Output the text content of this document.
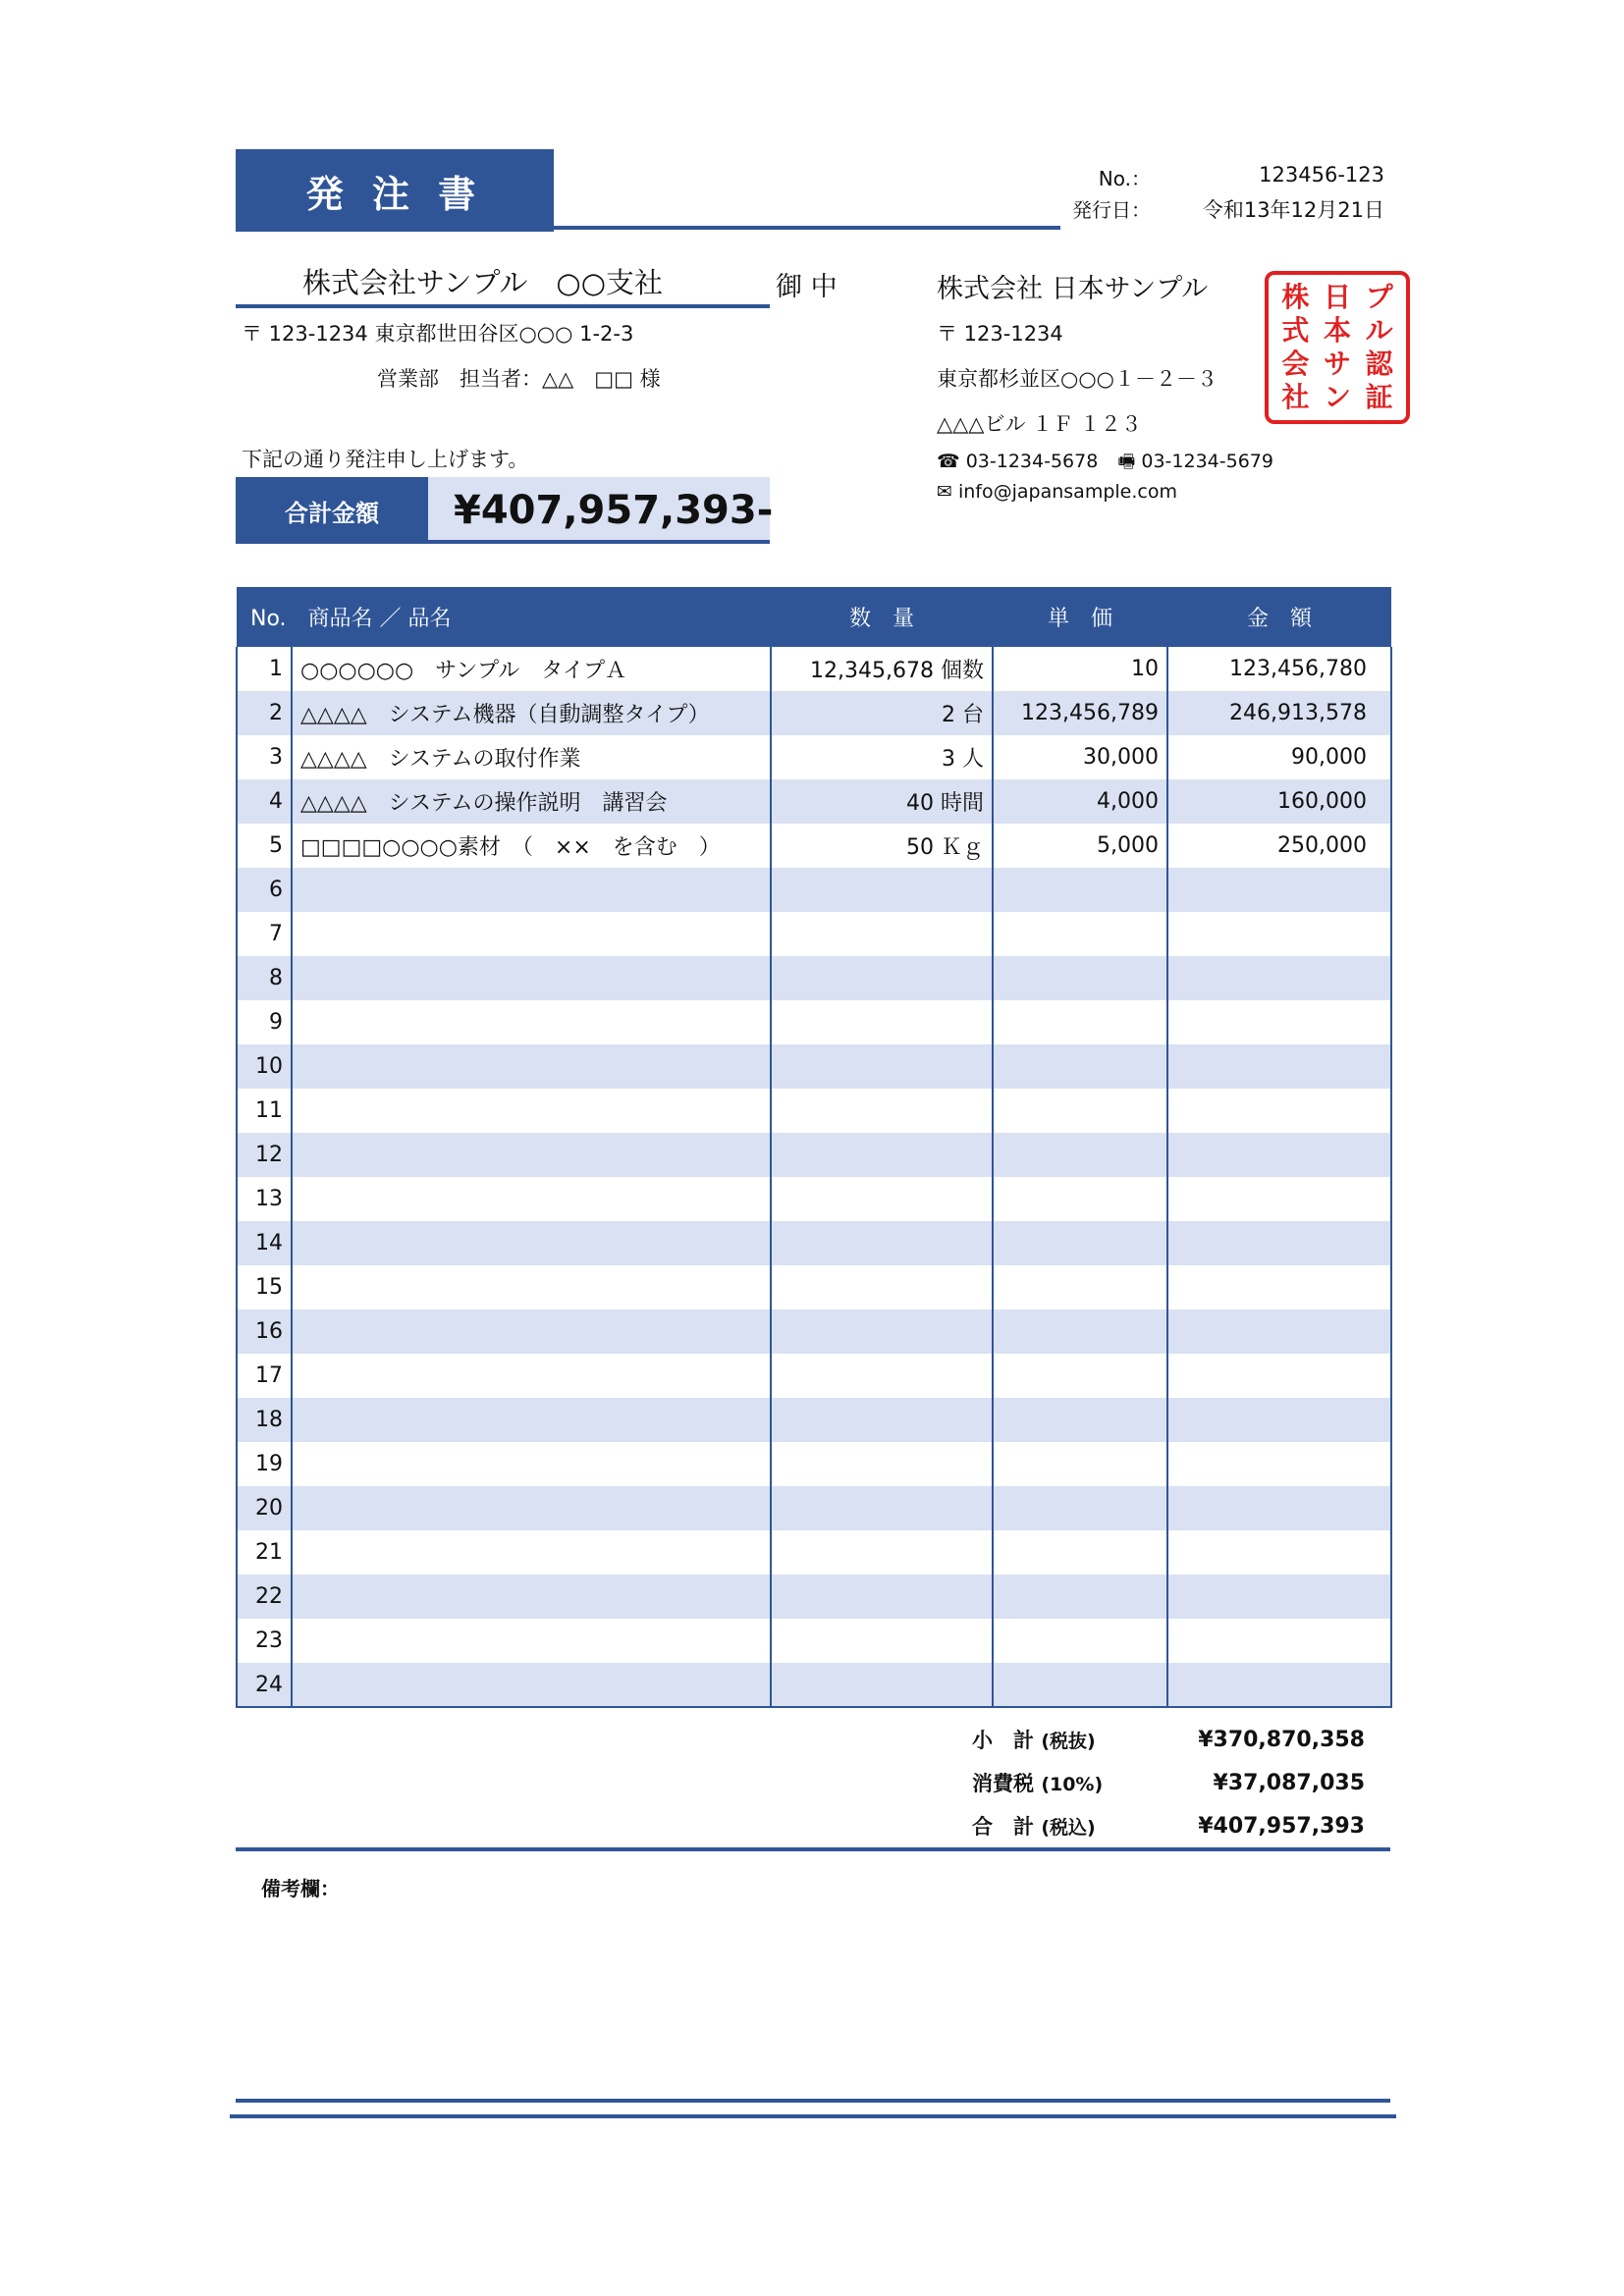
発 注 書	No.：	123456-123
発行日：	令和13年12月21日
株式会社サンプル　○○支社	御 中
〒 123-1234 東京都世田谷区○○○ 1-2-3
営業部　担当者：△△　□□ 様
下記の通り発注申し上げます。
合計金額	¥407,957,393-
株式会社 日本サンプル
〒 123-1234
東京都杉並区○○○１－２－３
△△△ビル １Ｆ １２３
☎ 03-1234-5678 🖷 03-1234-5679
✉ info@japansample.com
株 日 プ
式 本 ル
会 サ 認
社 ン 証
No.　商品名 ／ 品名		数　量	単　価	金　額
1	○○○○○○　サンプル　タイプＡ	12,345,678 個数	10	123,456,780
2	△△△△　システム機器（自動調整タイプ）	2 台	123,456,789	246,913,578
3	△△△△　システムの取付作業	3 人	30,000	90,000
4	△△△△　システムの操作説明　講習会	40 時間	4,000	160,000
5	□□□□○○○○素材　（　××　を含む　）	50 Ｋｇ	5,000	250,000
6				
7				
8				
9				
10				
11				
12				
13				
14				
15				
16				
17				
18				
19				
20				
21				
22				
23				
24				
小　計 (税抜)	¥370,870,358
消費税 (10%)	¥37,087,035
合　計 (税込)	¥407,957,393
備考欄：
